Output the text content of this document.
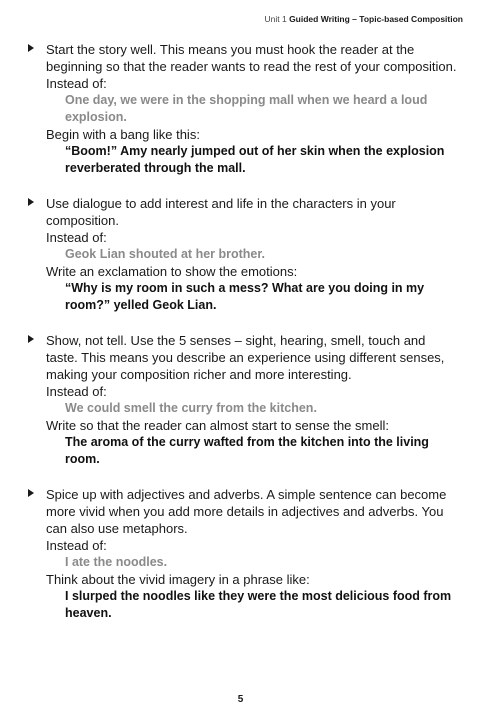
Unit 1 Guided Writing – Topic-based Composition
Start the story well. This means you must hook the reader at the beginning so that the reader wants to read the rest of your composition.
Instead of:
One day, we were in the shopping mall when we heard a loud explosion.
Begin with a bang like this:
“Boom!” Amy nearly jumped out of her skin when the explosion reverberated through the mall.
Use dialogue to add interest and life in the characters in your composition.
Instead of:
Geok Lian shouted at her brother.
Write an exclamation to show the emotions:
“Why is my room in such a mess? What are you doing in my room?” yelled Geok Lian.
Show, not tell. Use the 5 senses – sight, hearing, smell, touch and taste. This means you describe an experience using different senses, making your composition richer and more interesting.
Instead of:
We could smell the curry from the kitchen.
Write so that the reader can almost start to sense the smell:
The aroma of the curry wafted from the kitchen into the living room.
Spice up with adjectives and adverbs. A simple sentence can become more vivid when you add more details in adjectives and adverbs. You can also use metaphors.
Instead of:
I ate the noodles.
Think about the vivid imagery in a phrase like:
I slurped the noodles like they were the most delicious food from heaven.
5
